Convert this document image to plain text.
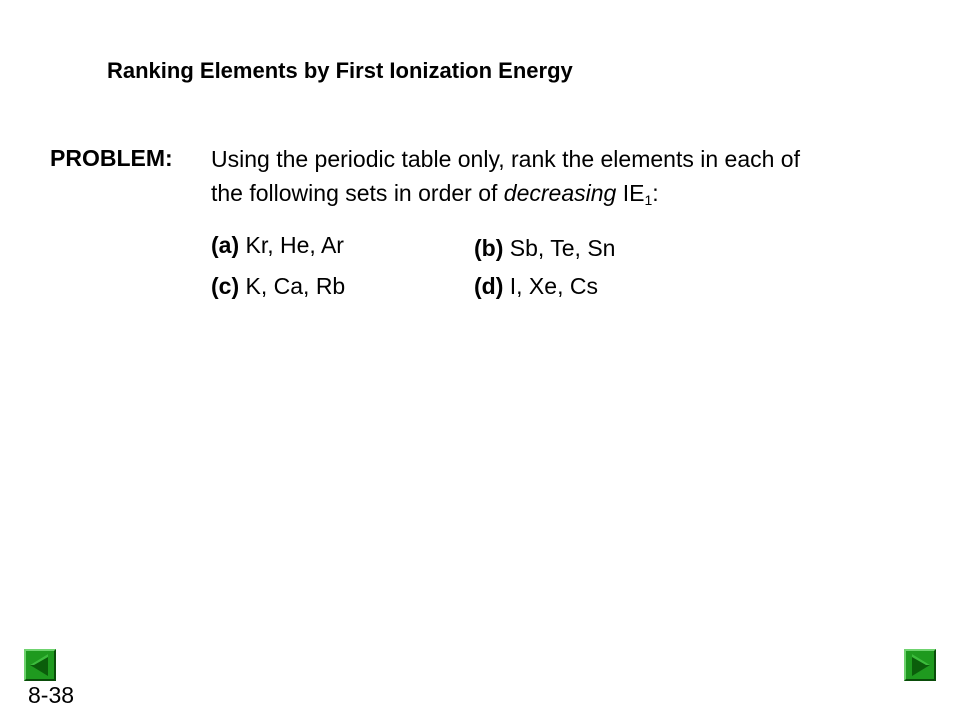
Ranking Elements by First Ionization Energy
PROBLEM: Using the periodic table only, rank the elements in each of
the following sets in order of decreasing $IE_1$:
(a) Kr, He, Ar	(b) Sb, Te, Sn
(c) K, Ca, Rb	(d) I, Xe, Cs
8-38
